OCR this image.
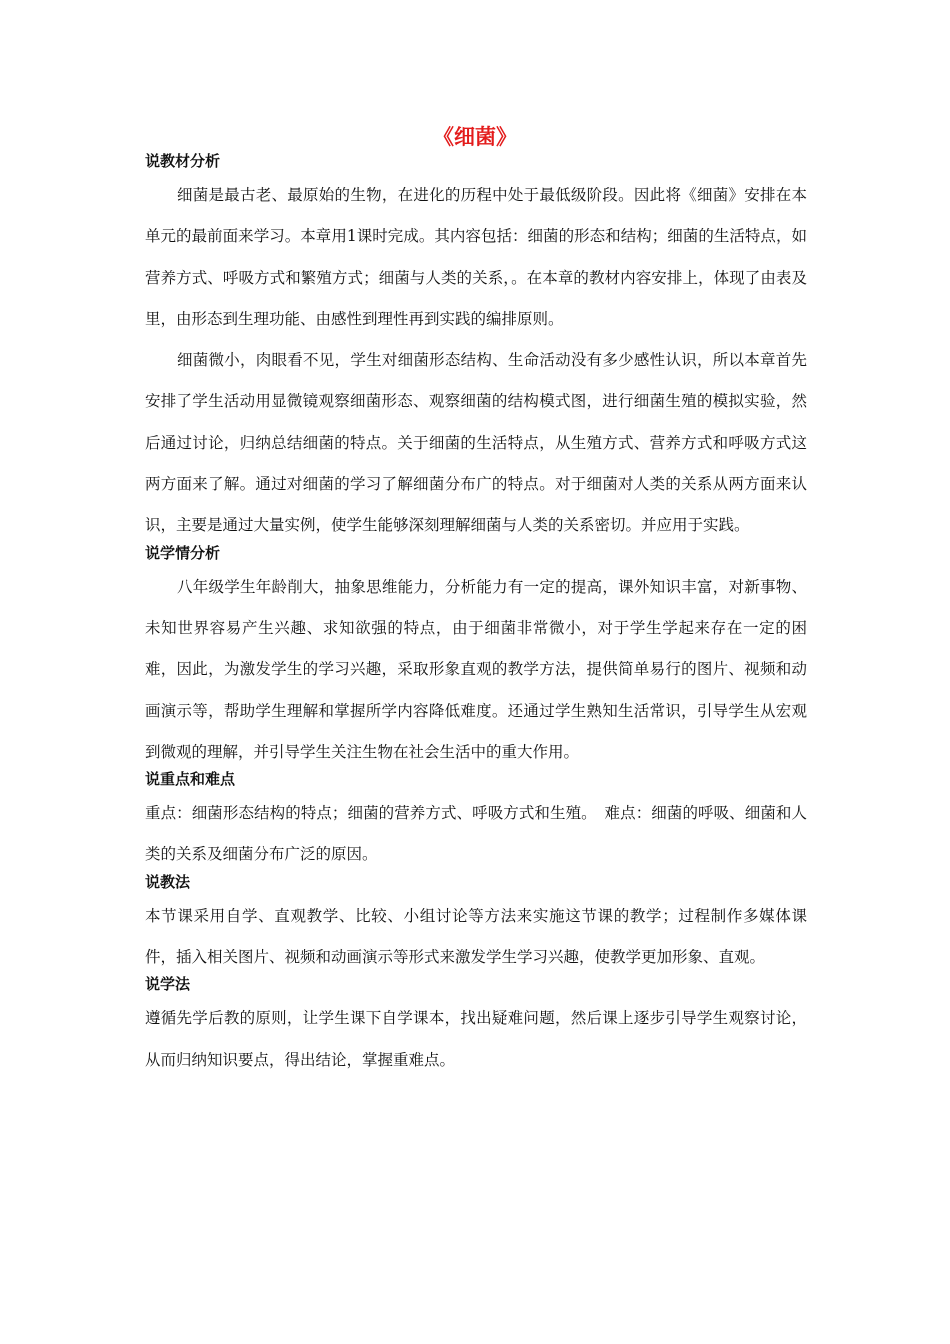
《细菌》
说教材分析

细菌是最古老、最原始的生物，在进化的历程中处于最低级阶段。因此将《细菌》安排在本单元的最前面来学习。本章用1课时完成。其内容包括：细菌的形态和结构；细菌的生活特点，如营养方式、呼吸方式和繁殖方式；细菌与人类的关系，。在本章的教材内容安排上，体现了由表及里，由形态到生理功能、由感性到理性再到实践的编排原则。

细菌微小，肉眼看不见，学生对细菌形态结构、生命活动没有多少感性认识，所以本章首先安排了学生活动用显微镜观察细菌形态、观察细菌的结构模式图，进行细菌生殖的模拟实验，然后通过讨论，归纳总结细菌的特点。关于细菌的生活特点，从生殖方式、营养方式和呼吸方式这两方面来了解。通过对细菌的学习了解细菌分布广的特点。对于细菌对人类的关系从两方面来认识，主要是通过大量实例，使学生能够深刻理解细菌与人类的关系密切。并应用于实践。

说学情分析

八年级学生年龄削大，抽象思维能力，分析能力有一定的提高，课外知识丰富，对新事物、未知世界容易产生兴趣、求知欲强的特点，由于细菌非常微小，对于学生学起来存在一定的困难，因此，为激发学生的学习兴趣，采取形象直观的教学方法，提供简单易行的图片、视频和动画演示等，帮助学生理解和掌握所学内容降低难度。还通过学生熟知生活常识，引导学生从宏观到微观的理解，并引导学生关注生物在社会生活中的重大作用。

说重点和难点

重点：细菌形态结构的特点；细菌的营养方式、呼吸方式和生殖。　难点：细菌的呼吸、细菌和人类的关系及细菌分布广泛的原因。

说教法

本节课采用自学、直观教学、比较、小组讨论等方法来实施这节课的教学；过程制作多媒体课件，插入相关图片、视频和动画演示等形式来激发学生学习兴趣，使教学更加形象、直观。

说学法

遵循先学后教的原则，让学生课下自学课本，找出疑难问题，然后课上逐步引导学生观察讨论，从而归纳知识要点，得出结论，掌握重难点。
